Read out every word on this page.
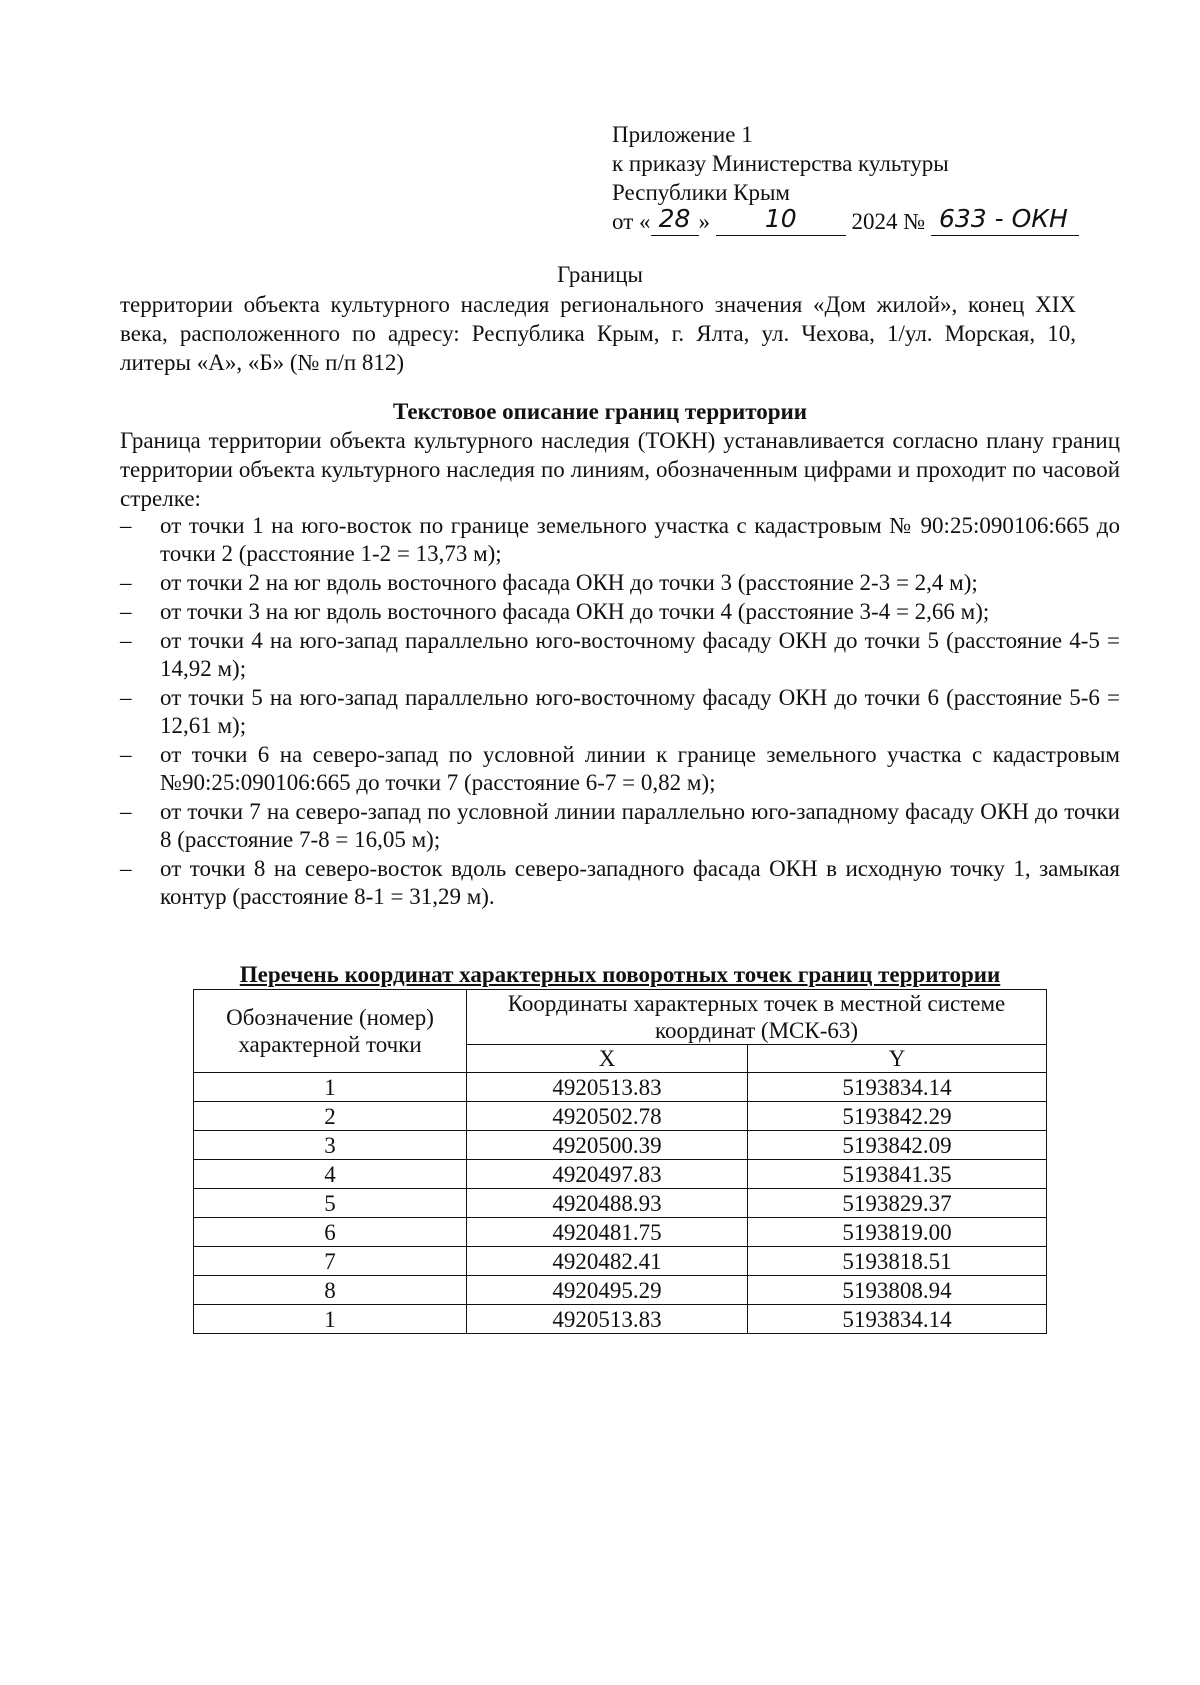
Приложение 1
к приказу Министерства культуры
Республики Крым
от « 28 » 10 2024 № 633 - ОКН
Границы
территории объекта культурного наследия регионального значения «Дом жилой», конец XIX века, расположенного по адресу: Республика Крым, г. Ялта, ул. Чехова, 1/ул. Морская, 10, литеры «А», «Б» (№ п/п 812)
Текстовое описание границ территории
Граница территории объекта культурного наследия (ТОКН) устанавливается согласно плану границ территории объекта культурного наследия по линиям, обозначенным цифрами и проходит по часовой стрелке:
– от точки 1 на юго-восток по границе земельного участка с кадастровым № 90:25:090106:665 до точки 2 (расстояние 1-2 = 13,73 м);
– от точки 2 на юг вдоль восточного фасада ОКН до точки 3 (расстояние 2-3 = 2,4 м);
– от точки 3 на юг вдоль восточного фасада ОКН до точки 4 (расстояние 3-4 = 2,66 м);
– от точки 4 на юго-запад параллельно юго-восточному фасаду ОКН до точки 5 (расстояние 4-5 = 14,92 м);
– от точки 5 на юго-запад параллельно юго-восточному фасаду ОКН до точки 6 (расстояние 5-6 = 12,61 м);
– от точки 6 на северо-запад по условной линии к границе земельного участка с кадастровым №90:25:090106:665 до точки 7 (расстояние 6-7 = 0,82 м);
– от точки 7 на северо-запад по условной линии параллельно юго-западному фасаду ОКН до точки 8 (расстояние 7-8 = 16,05 м);
– от точки 8 на северо-восток вдоль северо-западного фасада ОКН в исходную точку 1, замыкая контур (расстояние 8-1 = 31,29 м).
Перечень координат характерных поворотных точек границ территории
Обозначение (номер) характерной точки	Координаты характерных точек в местной системе координат (МСК-63)	
	X	Y
1	4920513.83	5193834.14
2	4920502.78	5193842.29
3	4920500.39	5193842.09
4	4920497.83	5193841.35
5	4920488.93	5193829.37
6	4920481.75	5193819.00
7	4920482.41	5193818.51
8	4920495.29	5193808.94
1	4920513.83	5193834.14
